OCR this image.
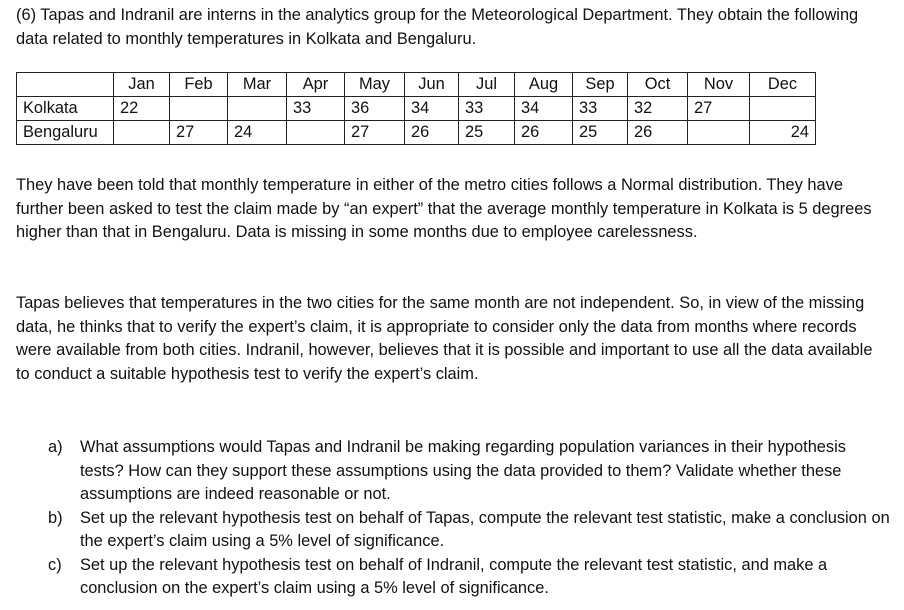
(6) Tapas and Indranil are interns in the analytics group for the Meteorological Department. They obtain the following data related to monthly temperatures in Kolkata and Bengaluru.

	Jan	Feb	Mar	Apr	May	Jun	Jul	Aug	Sep	Oct	Nov	Dec
Kolkata	22			33	36	34	33	34	33	32	27	
Bengaluru		27	24		27	26	25	26	25	26		24

They have been told that monthly temperature in either of the metro cities follows a Normal distribution. They have further been asked to test the claim made by “an expert” that the average monthly temperature in Kolkata is 5 degrees higher than that in Bengaluru. Data is missing in some months due to employee carelessness.

Tapas believes that temperatures in the two cities for the same month are not independent. So, in view of the missing data, he thinks that to verify the expert’s claim, it is appropriate to consider only the data from months where records were available from both cities. Indranil, however, believes that it is possible and important to use all the data available to conduct a suitable hypothesis test to verify the expert’s claim.

a) What assumptions would Tapas and Indranil be making regarding population variances in their hypothesis tests? How can they support these assumptions using the data provided to them? Validate whether these assumptions are indeed reasonable or not.
b) Set up the relevant hypothesis test on behalf of Tapas, compute the relevant test statistic, make a conclusion on the expert’s claim using a 5% level of significance.
c) Set up the relevant hypothesis test on behalf of Indranil, compute the relevant test statistic, and make a conclusion on the expert’s claim using a 5% level of significance.
